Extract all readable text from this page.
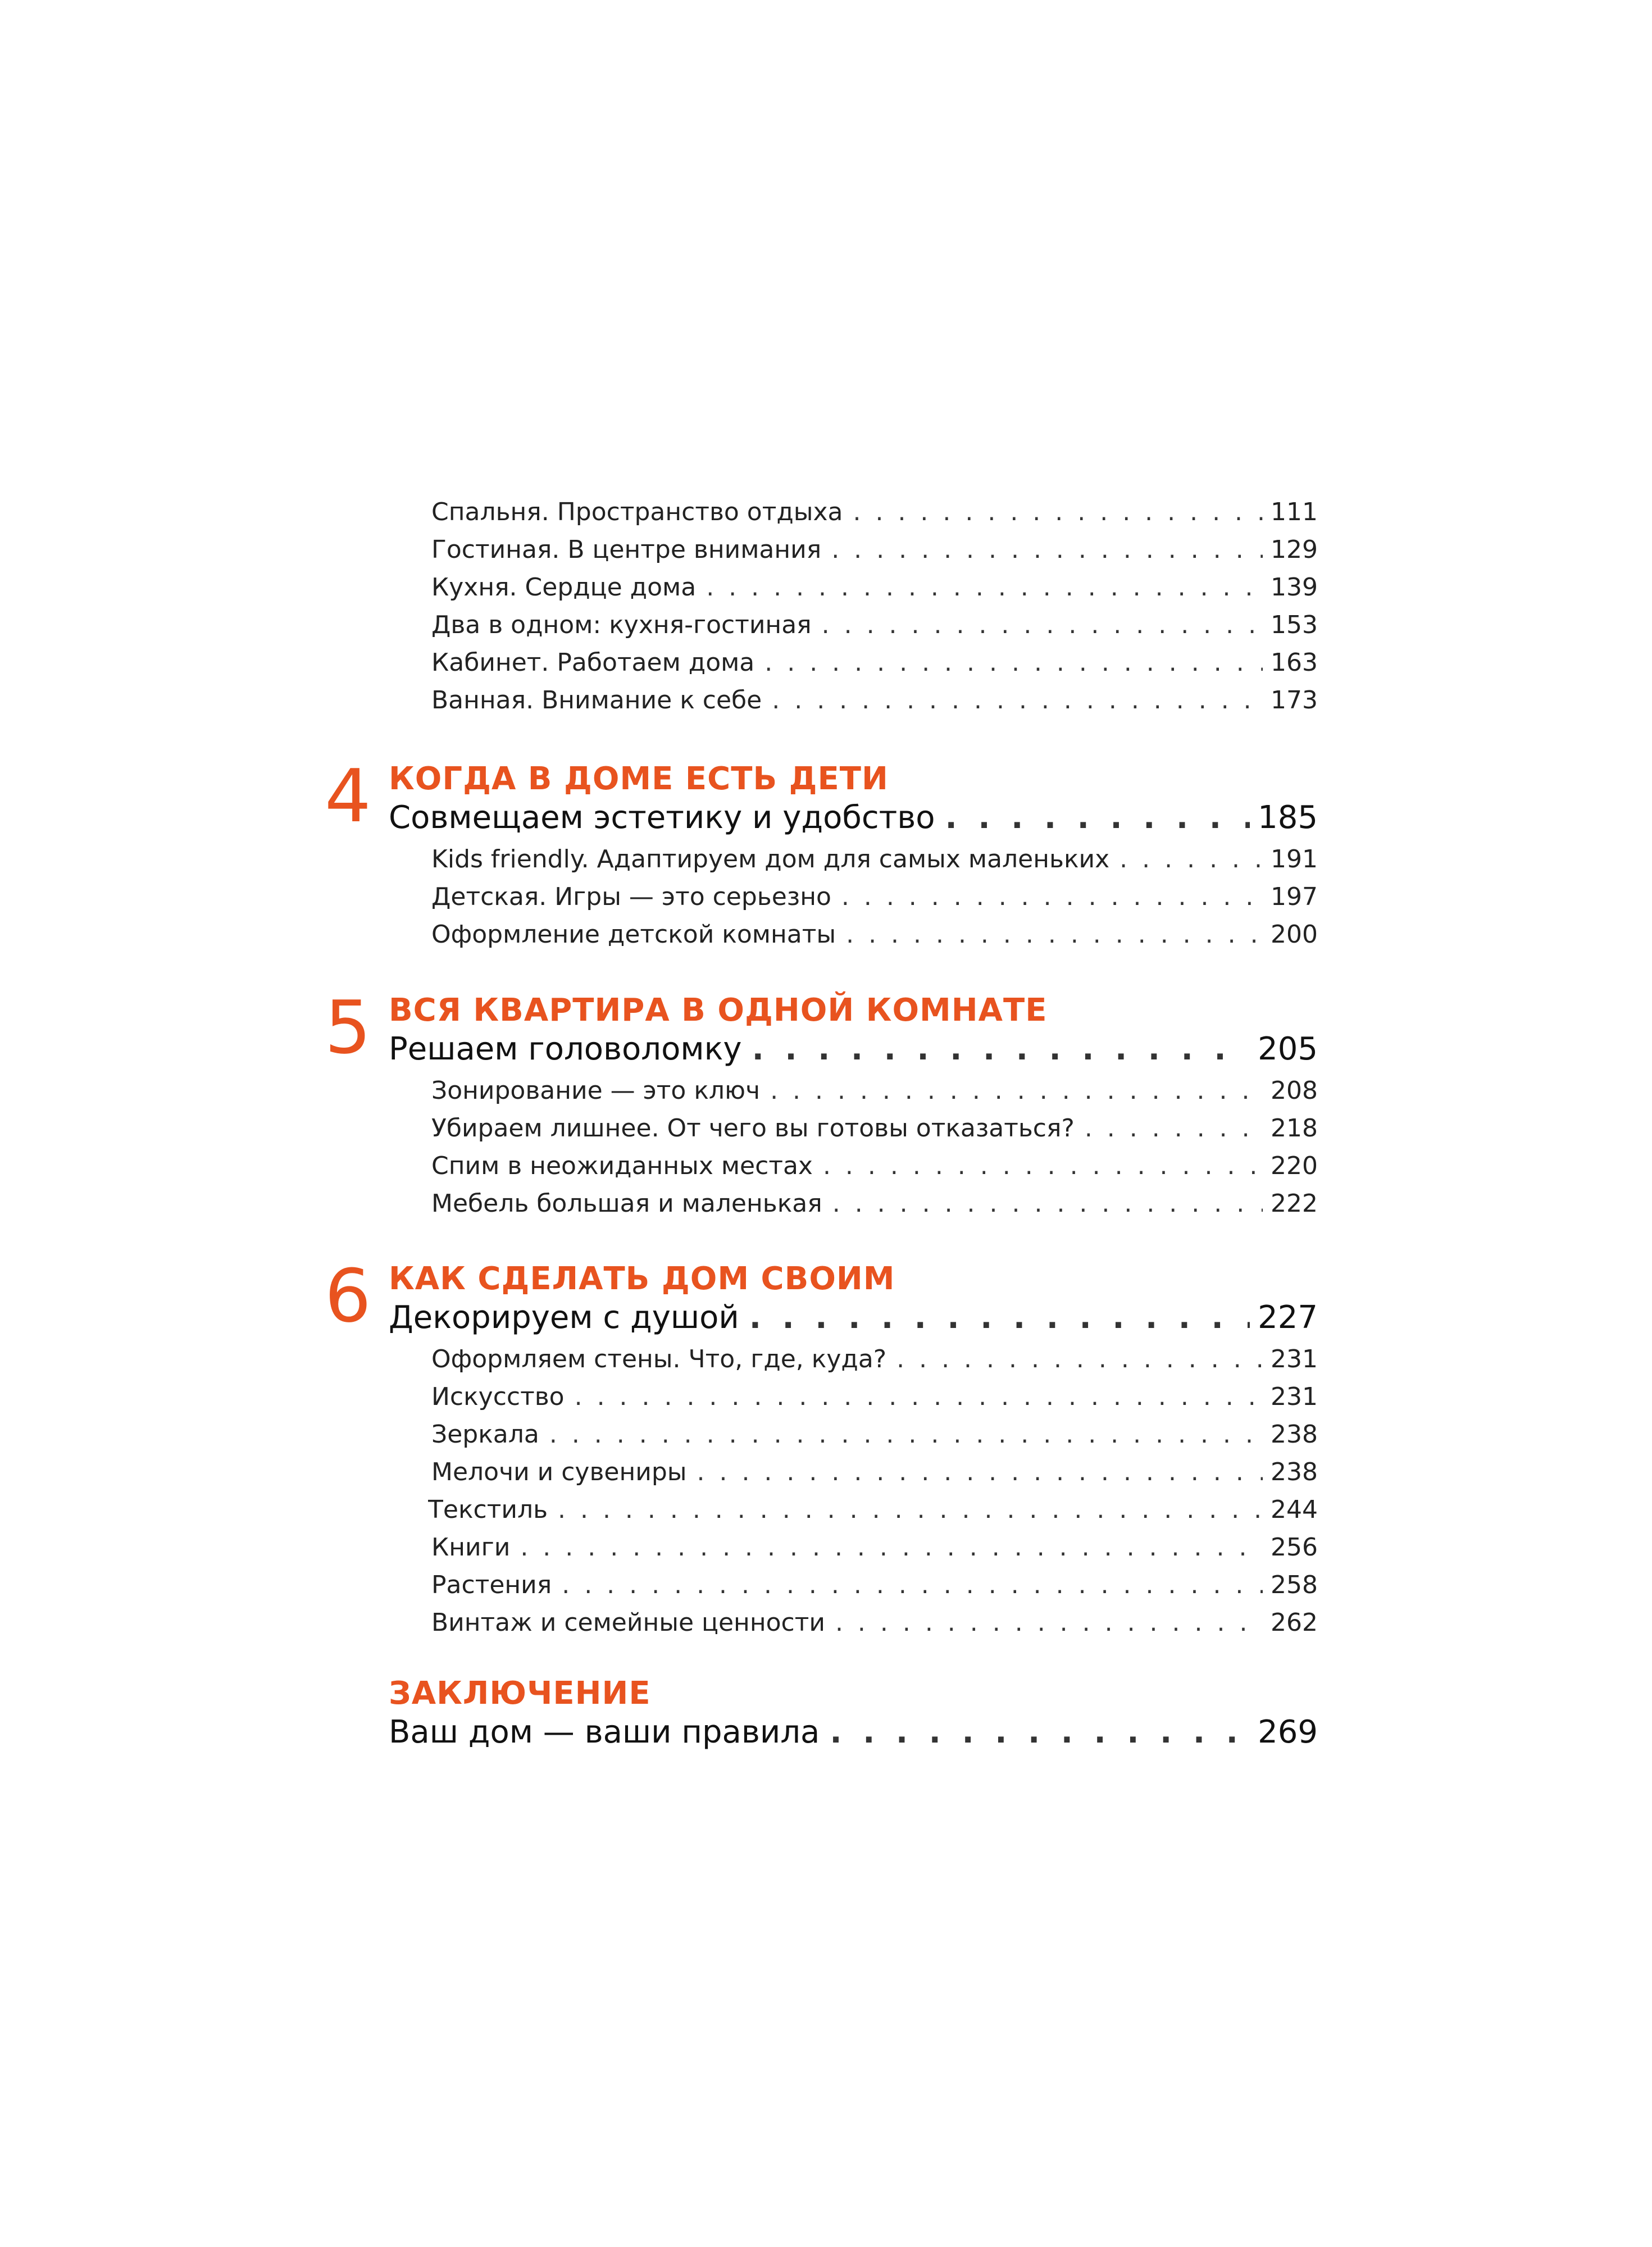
Спальня. Пространство отдыха . . .	111
Гостиная. В центре внимания . . .	129
Кухня. Сердце дома . . .	139
Два в одном: кухня-гостиная . . .	153
Кабинет. Работаем дома . . .	163
Ванная. Внимание к себе . . .	173
4 КОГДА В ДОМЕ ЕСТЬ ДЕТИ
Совмещаем эстетику и удобство . . .	185
Kids friendly. Адаптируем дом для самых маленьких . . .	191
Детская. Игры — это серьезно . . .	197
Оформление детской комнаты . . .	200
5 ВСЯ КВАРТИРА В ОДНОЙ КОМНАТЕ
Решаем головоломку . . .	205
Зонирование — это ключ . . .	208
Убираем лишнее. От чего вы готовы отказаться? . . .	218
Спим в неожиданных местах . . .	220
Мебель большая и маленькая . . .	222
6 КАК СДЕЛАТЬ ДОМ СВОИМ
Декорируем с душой . . .	227
Оформляем стены. Что, где, куда? . . .	231
Искусство . . .	231
Зеркала . . .	238
Мелочи и сувениры . . .	238
Текстиль . . .	244
Книги . . .	256
Растения . . .	258
Винтаж и семейные ценности . . .	262
ЗАКЛЮЧЕНИЕ
Ваш дом — ваши правила . . .	269
